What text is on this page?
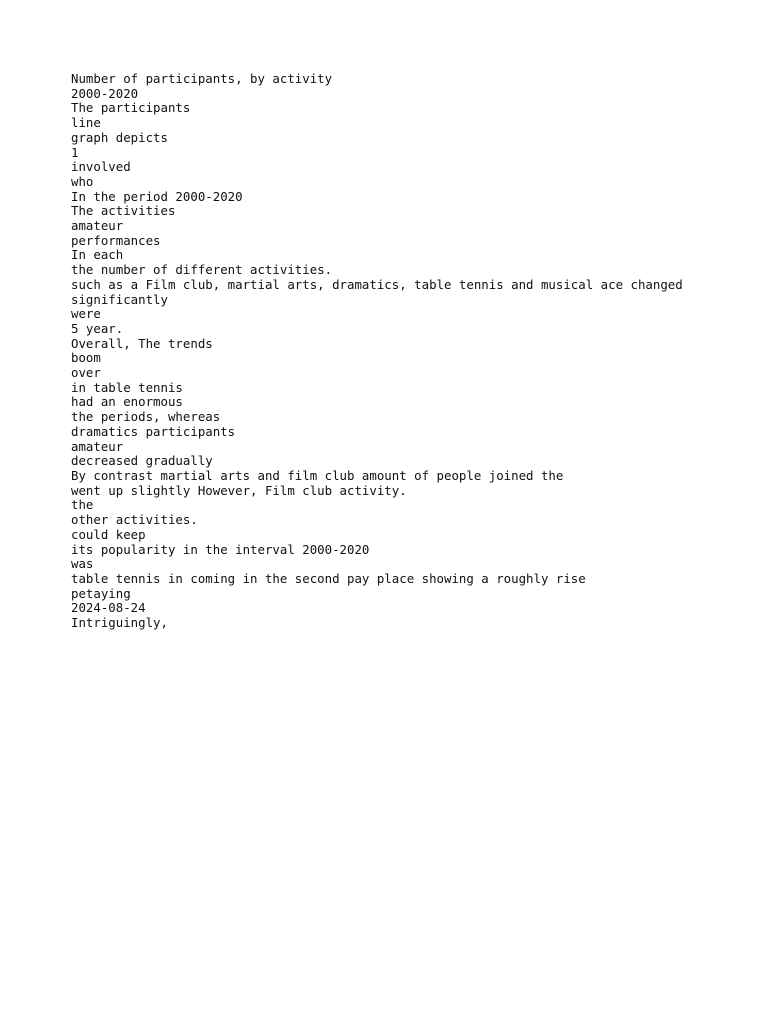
Number of participants, by activity
2000-2020
The participants
line
graph depicts
1
involved
who
In the period 2000-2020
The activities
amateur
performances
In each
the number of different activities.
such as a Film club, martial arts, dramatics, table tennis and musical ace changed
significantly
were
5 year.
Overall, The trends
boom
over
in table tennis
had an enormous
the periods, whereas
dramatics participants
amateur
decreased gradually
By contrast martial arts and film club amount of people joined the
went up slightly However, Film club activity.
the
other activities.
could keep
its popularity in the interval 2000-2020
was
table tennis in coming in the second pay place showing a roughly rise
petaying
2024-08-24
Intriguingly,
